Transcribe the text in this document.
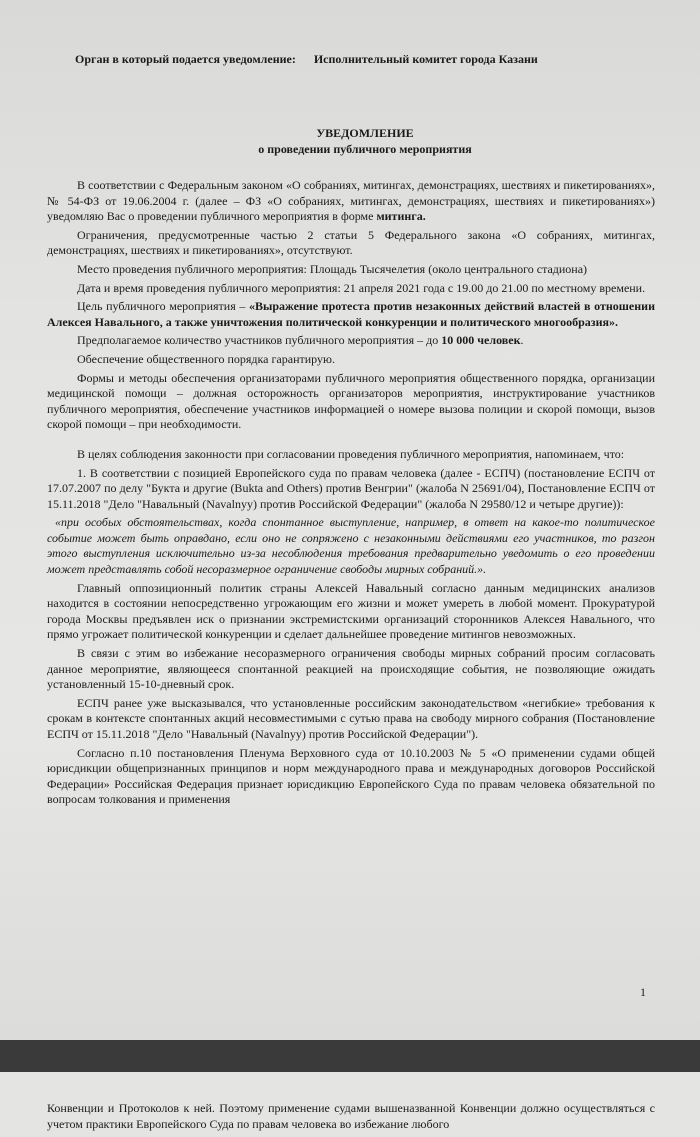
Орган в который подается уведомление: Исполнительный комитет города Казани
УВЕДОМЛЕНИЕ
о проведении публичного мероприятия

В соответствии с Федеральным законом «О собраниях, митингах, демонстрациях, шествиях и пикетированиях», № 54-ФЗ от 19.06.2004 г. (далее – ФЗ «О собраниях, митингах, демонстрациях, шествиях и пикетированиях») уведомляю Вас о проведении публичного мероприятия в форме митинга.

Ограничения, предусмотренные частью 2 статьи 5 Федерального закона «О собраниях, митингах, демонстрациях, шествиях и пикетированиях», отсутствуют.

Место проведения публичного мероприятия: Площадь Тысячелетия (около центрального стадиона)

Дата и время проведения публичного мероприятия: 21 апреля 2021 года с 19.00 до 21.00 по местному времени.

Цель публичного мероприятия – «Выражение протеста против незаконных действий властей в отношении Алексея Навального, а также уничтожения политической конкуренции и политического многообразия».

Предполагаемое количество участников публичного мероприятия – до 10 000 человек.

Обеспечение общественного порядка гарантирую.

Формы и методы обеспечения организаторами публичного мероприятия общественного порядка, организации медицинской помощи – должная осторожность организаторов мероприятия, инструктирование участников публичного мероприятия, обеспечение участников информацией о номере вызова полиции и скорой помощи, вызов скорой помощи – при необходимости.

В целях соблюдения законности при согласовании проведения публичного мероприятия, напоминаем, что:

1. В соответствии с позицией Европейского суда по правам человека (далее - ЕСПЧ) (постановление ЕСПЧ от 17.07.2007 по делу "Букта и другие (Bukta and Others) против Венгрии" (жалоба N 25691/04), Постановление ЕСПЧ от 15.11.2018 "Дело "Навальный (Navalnyy) против Российской Федерации" (жалоба N 29580/12 и четыре другие)):

«при особых обстоятельствах, когда спонтанное выступление, например, в ответ на какое-то политическое событие может быть оправдано, если оно не сопряжено с незаконными действиями его участников, то разгон этого выступления исключительно из-за несоблюдения требования предварительно уведомить о его проведении может представлять собой несоразмерное ограничение свободы мирных собраний.».

Главный оппозиционный политик страны Алексей Навальный согласно данным медицинских анализов находится в состоянии непосредственно угрожающим его жизни и может умереть в любой момент. Прокуратурой города Москвы предъявлен иск о признании экстремистскими организаций сторонников Алексея Навального, что прямо угрожает политической конкуренции и сделает дальнейшее проведение митингов невозможных.

В связи с этим во избежание несоразмерного ограничения свободы мирных собраний просим согласовать данное мероприятие, являющееся спонтанной реакцией на происходящие события, не позволяющие ожидать установленный 15-10-дневный срок.

ЕСПЧ ранее уже высказывался, что установленные российским законодательством «негибкие» требования к срокам в контексте спонтанных акций несовместимыми с сутью права на свободу мирного собрания (Постановление ЕСПЧ от 15.11.2018 "Дело "Навальный (Navalnyy) против Российской Федерации").

Согласно п.10 постановления Пленума Верховного суда от 10.10.2003 № 5 «О применении судами общей юрисдикции общепризнанных принципов и норм международного права и международных договоров Российской Федерации» Российская Федерация признает юрисдикцию Европейского Суда по правам человека обязательной по вопросам толкования и применения

1
Конвенции и Протоколов к ней. Поэтому применение судами вышеназванной Конвенции должно осуществляться с учетом практики Европейского Суда по правам человека во избежание любого
